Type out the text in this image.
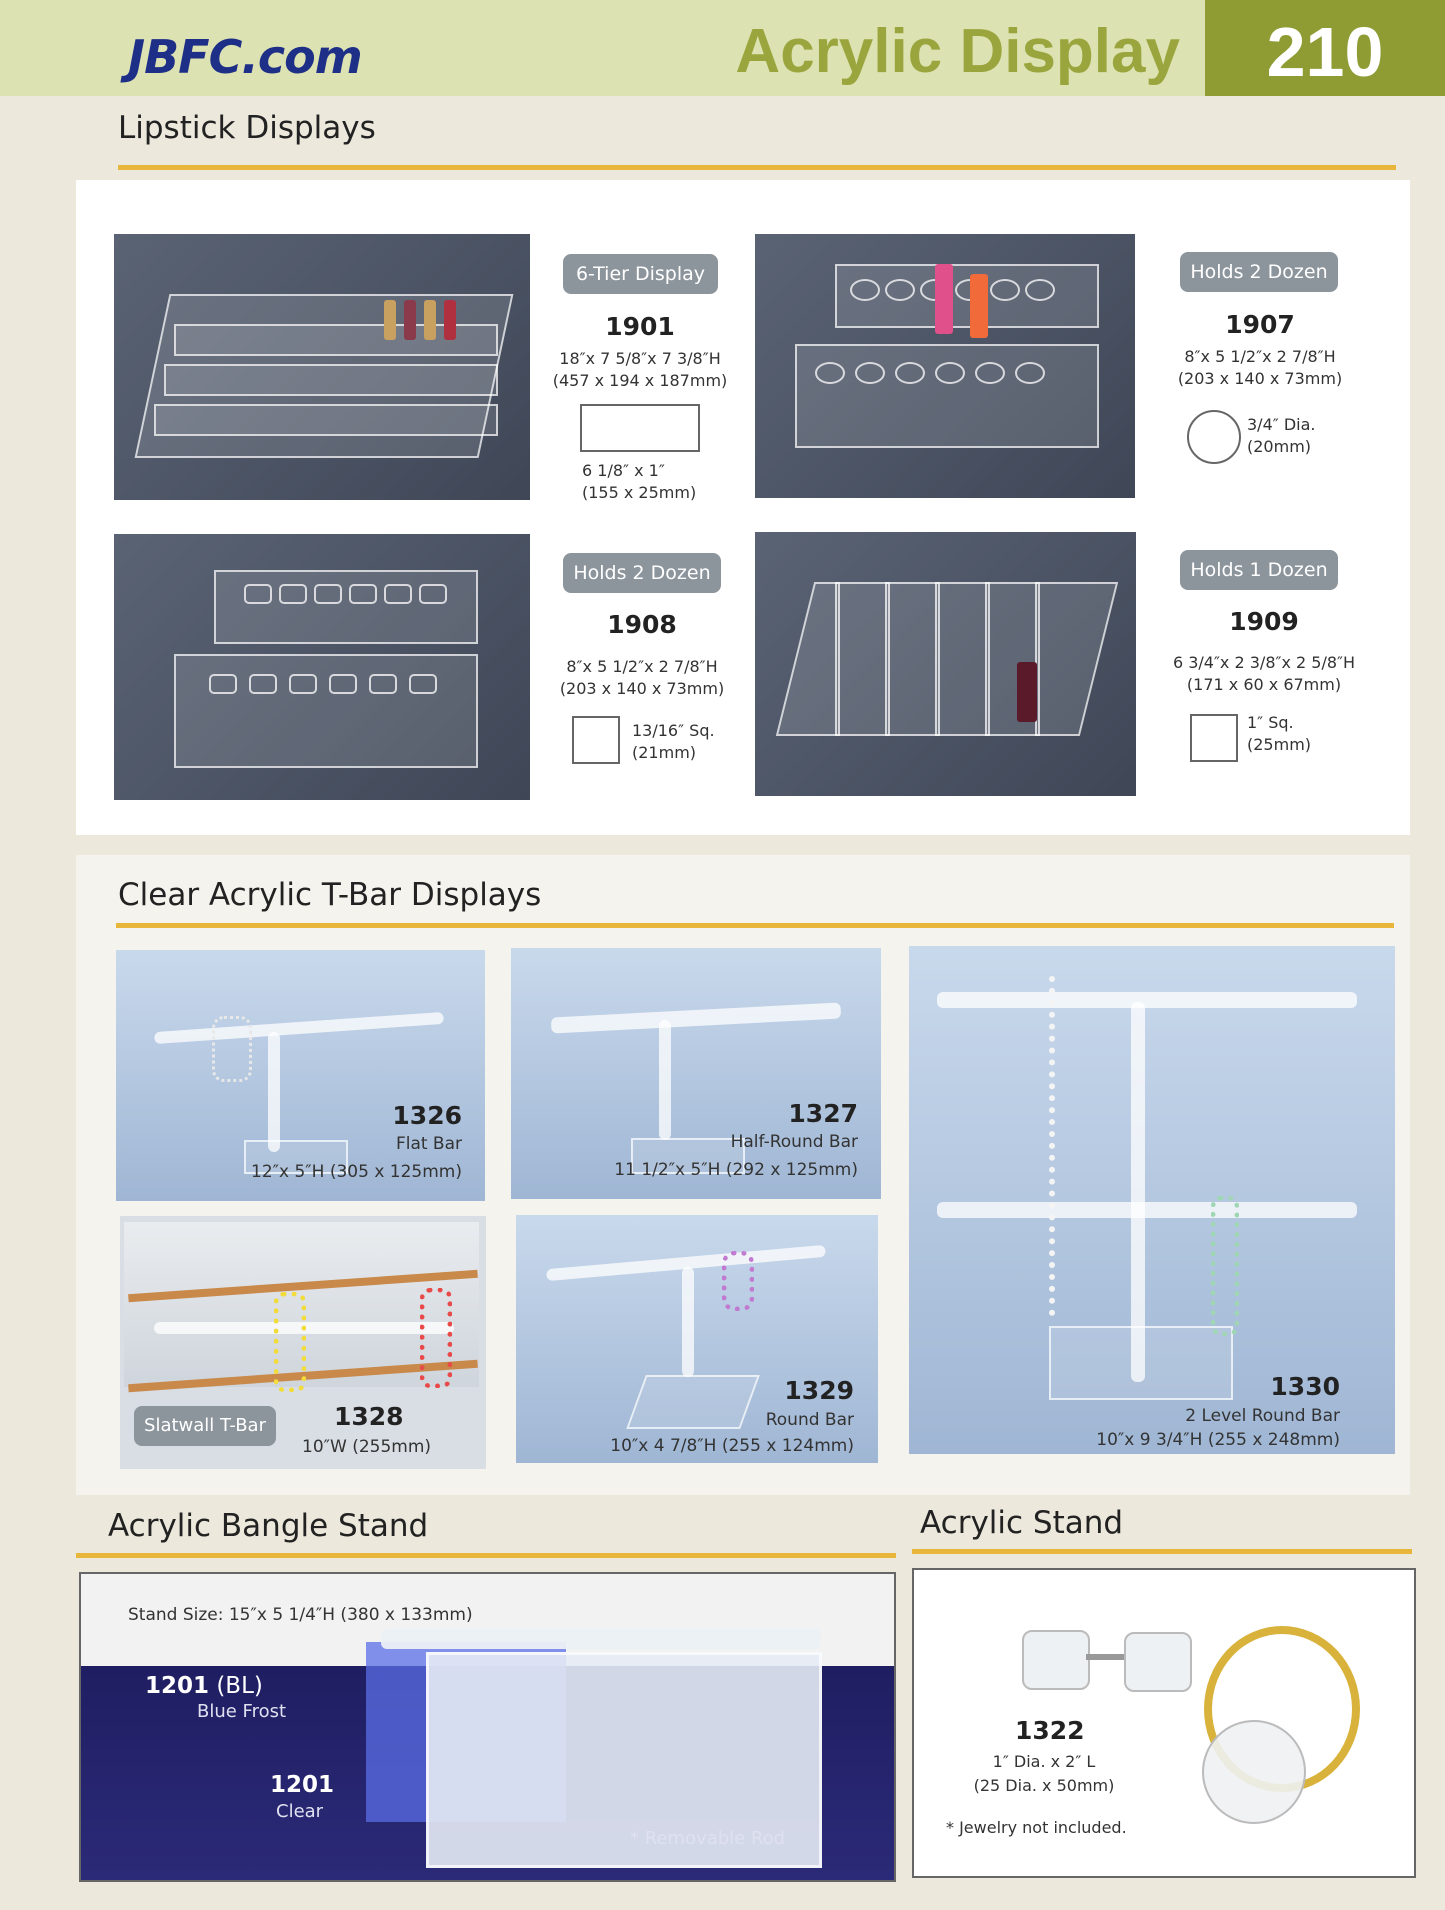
JBFC.com	Acrylic Display	210
Lipstick Displays
6-Tier Display
1901
18″x 7 5/8″x 7 3/8″H
(457 x 194 x 187mm)
6 1/8″ x 1″
(155 x 25mm)
Holds 2 Dozen
1907
8″x 5 1/2″x 2 7/8″H
(203 x 140 x 73mm)
3/4″ Dia.
(20mm)
Holds 2 Dozen
1908
8″x 5 1/2″x 2 7/8″H
(203 x 140 x 73mm)
13/16″ Sq.
(21mm)
Holds 1 Dozen
1909
6 3/4″x 2 3/8″x 2 5/8″H
(171 x 60 x 67mm)
1″ Sq.
(25mm)
Clear Acrylic T-Bar Displays
1326
Flat Bar
12″x 5″H (305 x 125mm)
1327
Half-Round Bar
11 1/2″x 5″H (292 x 125mm)
1330
2 Level Round Bar
10″x 9 3/4″H (255 x 248mm)
Slatwall T-Bar	1328
10″W (255mm)
1329
Round Bar
10″x 4 7/8″H (255 x 124mm)
Acrylic Bangle Stand
Stand Size: 15″x 5 1/4″H (380 x 133mm)
1201 (BL)
Blue Frost
1201
Clear
* Removable Rod
Acrylic Stand
1322
1″ Dia. x 2″ L
(25 Dia. x 50mm)
* Jewelry not included.
